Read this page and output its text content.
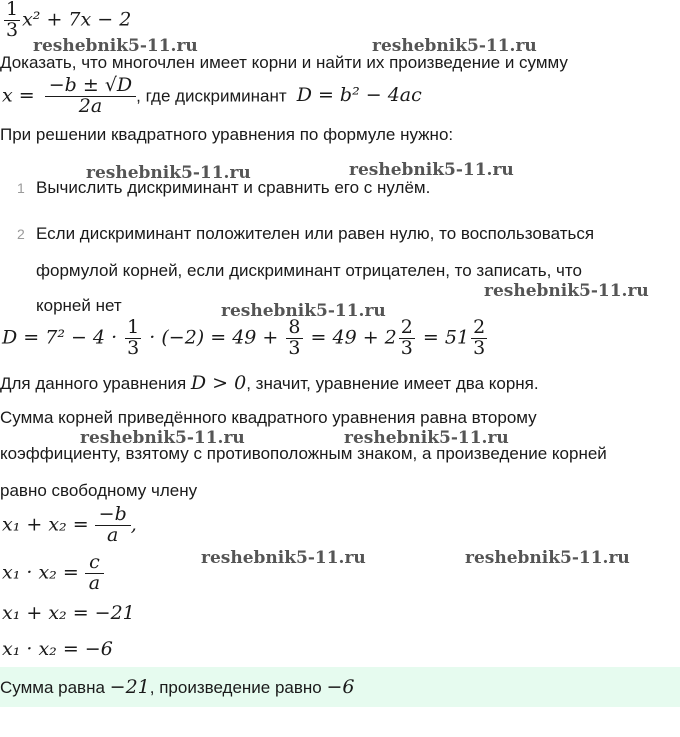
reshebnik5-11.ru	reshebnik5-11.ru
reshebnik5-11.ru	reshebnik5-11.ru
reshebnik5-11.ru
reshebnik5-11.ru
reshebnik5-11.ru	reshebnik5-11.ru
reshebnik5-11.ru	reshebnik5-11.ru
$\frac{1}{3} x^2 + 7x - 2$
Доказать, что многочлен имеет корни и найти их произведение и сумму
$x = \frac{-b \pm √D}{2a}$ , где дискриминант D = b² − 4ac
При решении квадратного уравнения по формуле нужно:
1 Вычислить дискриминант и сравнить его с нулём.
2 Если дискриминант положителен или равен нулю, то воспользоваться
формулой корней, если дискриминант отрицателен, то записать, что
корней нет
$D = 7^2 - 4 \cdot \frac{1}{3} \cdot (-2) = 49 + \frac{8}{3} = 49 + 2 \frac{2}{3} = 51 \frac{2}{3}$
Для данного уравнения D > 0, значит, уравнение имеет два корня.
Сумма корней приведённого квадратного уравнения равна второму
коэффициенту, взятому с противоположным знаком, а произведение корней
равно свободному члену
$x_1 + x_2 = \frac{-b}{a}$ ,
$x_1 \cdot x_2 = \frac{c}{a}$
x₁ + x₂ = −21
x₁ · x₂ = −6
Сумма равна −21, произведение равно −6
